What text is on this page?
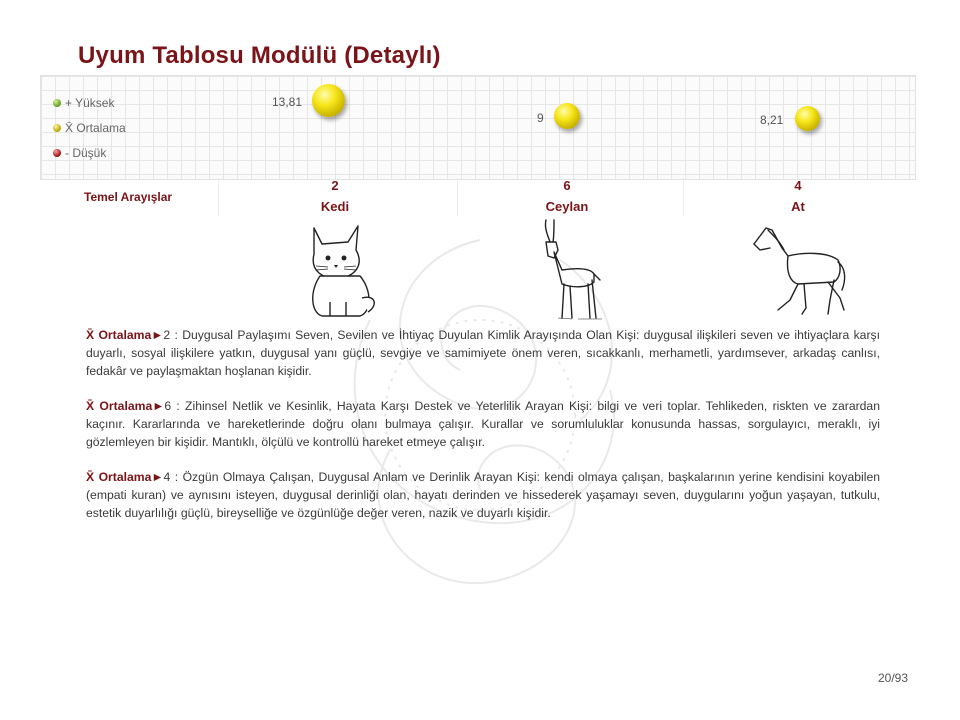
Uyum Tablosu Modülü (Detaylı)
+ Yüksek
X̄ Ortalama
- Düşük
13,81
9	8,21
Temel Arayışlar
2
Kedi
6
Ceylan
4
At
X̄ Ortalama►2 : Duygusal Paylaşımı Seven, Sevilen ve İhtiyaç Duyulan Kimlik Arayışında Olan Kişi: duygusal ilişkileri seven ve ihtiyaçlara karşı duyarlı, sosyal ilişkilere yatkın, duygusal yanı güçlü, sevgiye ve samimiyete önem veren, sıcakkanlı, merhametli, yardımsever, arkadaş canlısı, fedakâr ve paylaşmaktan hoşlanan kişidir.
X̄ Ortalama►6 : Zihinsel Netlik ve Kesinlik, Hayata Karşı Destek ve Yeterlilik Arayan Kişi: bilgi ve veri toplar. Tehlikeden, riskten ve zarardan kaçınır. Kararlarında ve hareketlerinde doğru olanı bulmaya çalışır. Kurallar ve sorumluluklar konusunda hassas, sorgulayıcı, meraklı, iyi gözlemleyen bir kişidir. Mantıklı, ölçülü ve kontrollü hareket etmeye çalışır.
X̄ Ortalama►4 : Özgün Olmaya Çalışan, Duygusal Anlam ve Derinlik Arayan Kişi: kendi olmaya çalışan, başkalarının yerine kendisini koyabilen (empati kuran) ve aynısını isteyen, duygusal derinliği olan, hayatı derinden ve hissederek yaşamayı seven, duygularını yoğun yaşayan, tutkulu, estetik duyarlılığı güçlü, bireyselliğe ve özgünlüğe değer veren, nazik ve duyarlı kişidir.
20/93
